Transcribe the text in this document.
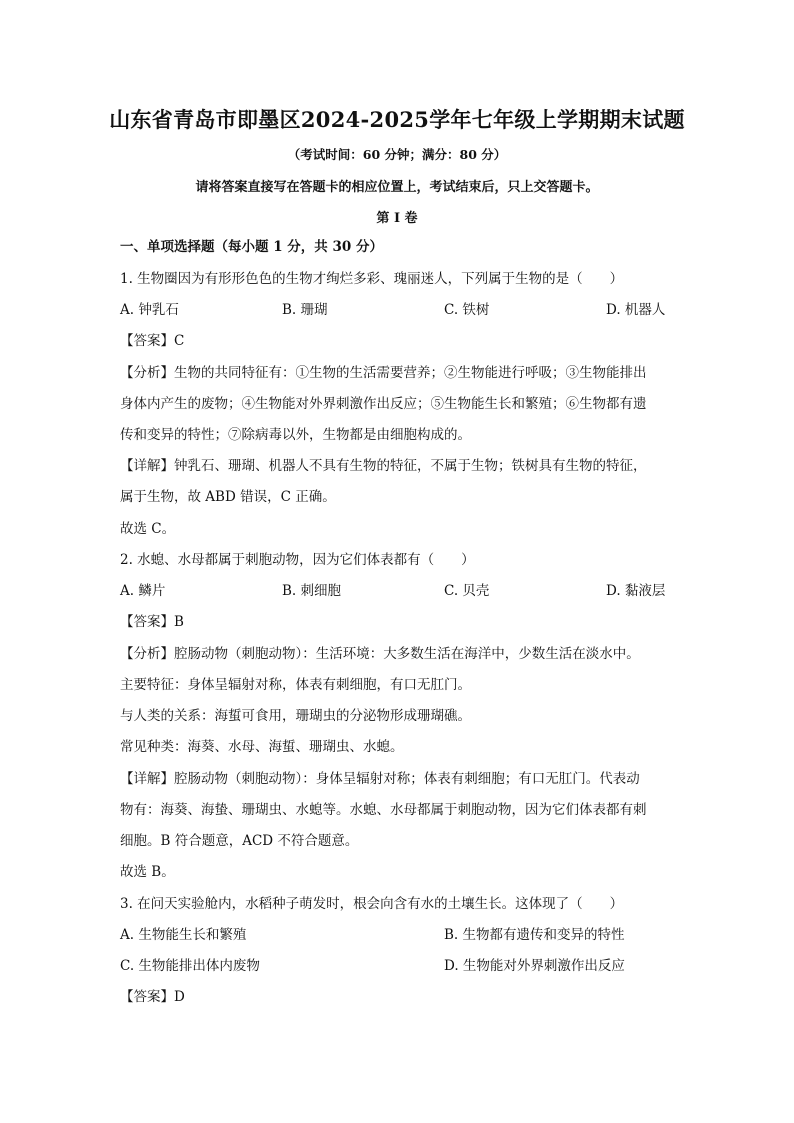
山东省青岛市即墨区2024-2025学年七年级上学期期末试题
（考试时间：60 分钟；满分：80 分）
请将答案直接写在答题卡的相应位置上，考试结束后，只上交答题卡。
第 I 卷
一、单项选择题（每小题 1 分，共 30 分）
1. 生物圈因为有形形色色的生物才绚烂多彩、瑰丽迷人，下列属于生物的是（　　）
A. 钟乳石	B. 珊瑚	C. 铁树	D. 机器人
【答案】C
【分析】生物的共同特征有：①生物的生活需要营养；②生物能进行呼吸；③生物能排出
身体内产生的废物；④生物能对外界刺激作出反应；⑤生物能生长和繁殖；⑥生物都有遗
传和变异的特性；⑦除病毒以外，生物都是由细胞构成的。
【详解】钟乳石、珊瑚、机器人不具有生物的特征，不属于生物；铁树具有生物的特征，
属于生物，故 ABD 错误，C 正确。
故选 C。
2. 水螅、水母都属于刺胞动物，因为它们体表都有（　　）
A. 鳞片	B. 刺细胞	C. 贝壳	D. 黏液层
【答案】B
【分析】腔肠动物（刺胞动物）：生活环境：大多数生活在海洋中，少数生活在淡水中。
主要特征：身体呈辐射对称，体表有刺细胞，有口无肛门。
与人类的关系：海蜇可食用，珊瑚虫的分泌物形成珊瑚礁。
常见种类：海葵、水母、海蜇、珊瑚虫、水螅。
【详解】腔肠动物（刺胞动物）：身体呈辐射对称；体表有刺细胞；有口无肛门。代表动
物有：海葵、海蛰、珊瑚虫、水螅等。水螅、水母都属于刺胞动物，因为它们体表都有刺
细胞。B 符合题意，ACD 不符合题意。
故选 B。
3. 在问天实验舱内，水稻种子萌发时，根会向含有水的土壤生长。这体现了（　　）
A. 生物能生长和繁殖	B. 生物都有遗传和变异的特性
C. 生物能排出体内废物	D. 生物能对外界刺激作出反应
【答案】D
